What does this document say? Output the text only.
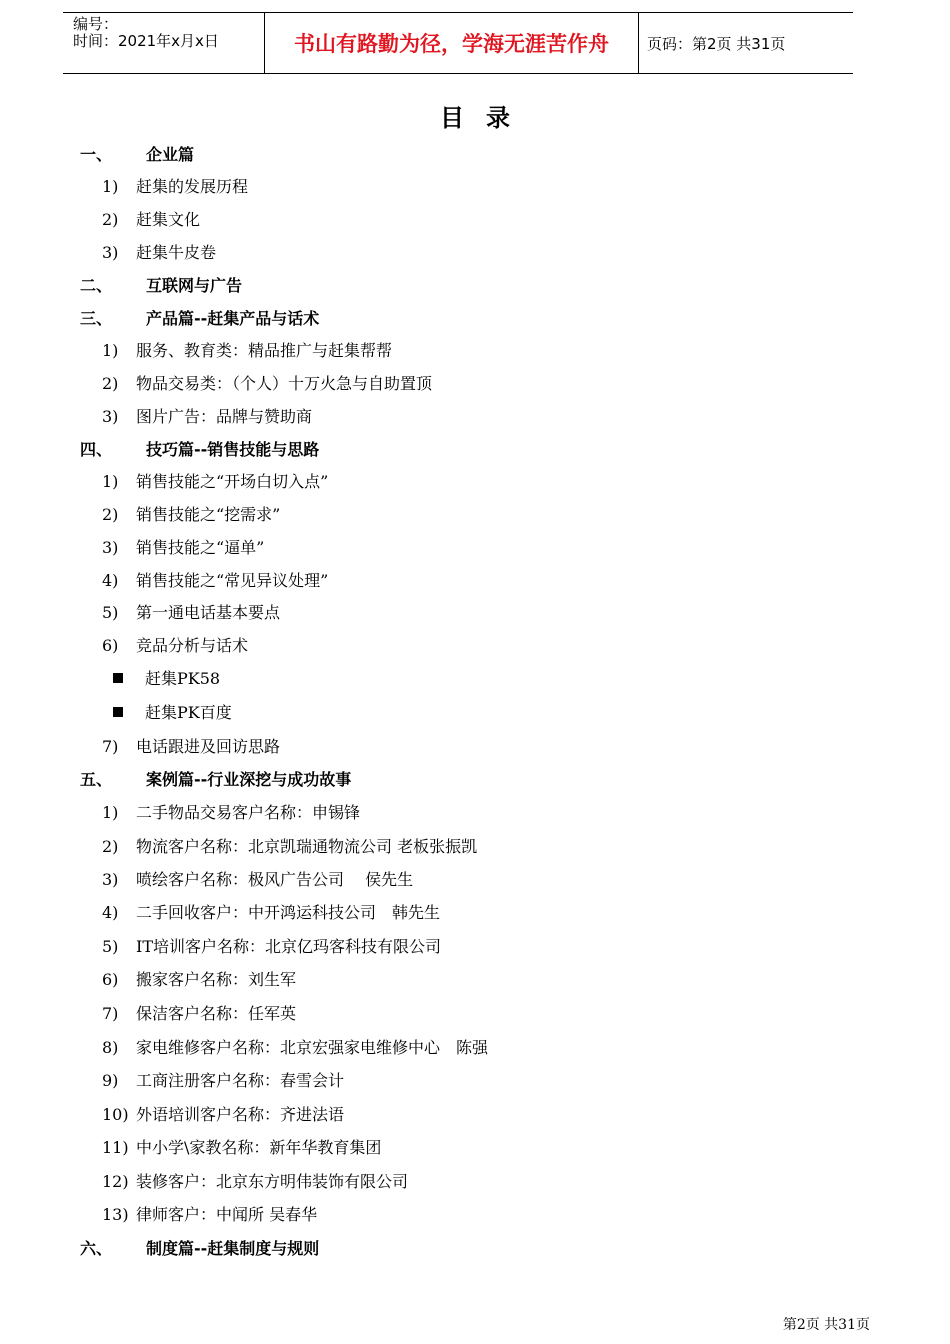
编号：
时间：2021年x月x日	书山有路勤为径，学海无涯苦作舟	页码：第2页 共31页
目录
一、 企业篇
1) 赶集的发展历程
2) 赶集文化
3) 赶集牛皮卷
二、 互联网与广告
三、 产品篇--赶集产品与话术
1) 服务、教育类：精品推广与赶集帮帮
2) 物品交易类：（个人）十万火急与自助置顶
3) 图片广告：品牌与赞助商
四、 技巧篇--销售技能与思路
1) 销售技能之“开场白切入点”
2) 销售技能之“挖需求”
3) 销售技能之“逼单”
4) 销售技能之“常见异议处理”
5) 第一通电话基本要点
6) 竞品分析与话术
赶集PK58
赶集PK百度
7) 电话跟进及回访思路
五、 案例篇--行业深挖与成功故事
1) 二手物品交易客户名称：申锡锋
2) 物流客户名称：北京凯瑞通物流公司 老板张振凯
3) 喷绘客户名称：极风广告公司　 侯先生
4) 二手回收客户：中开鸿运科技公司　韩先生
5) IT培训客户名称：北京亿玛客科技有限公司
6) 搬家客户名称：刘生军
7) 保洁客户名称：任军英
8) 家电维修客户名称：北京宏强家电维修中心　陈强
9) 工商注册客户名称：春雪会计
10) 外语培训客户名称：齐进法语
11) 中小学\家教名称：新年华教育集团
12) 装修客户：北京东方明伟装饰有限公司
13) 律师客户：中闻所 吴春华
六、 制度篇--赶集制度与规则
第2页 共31页
